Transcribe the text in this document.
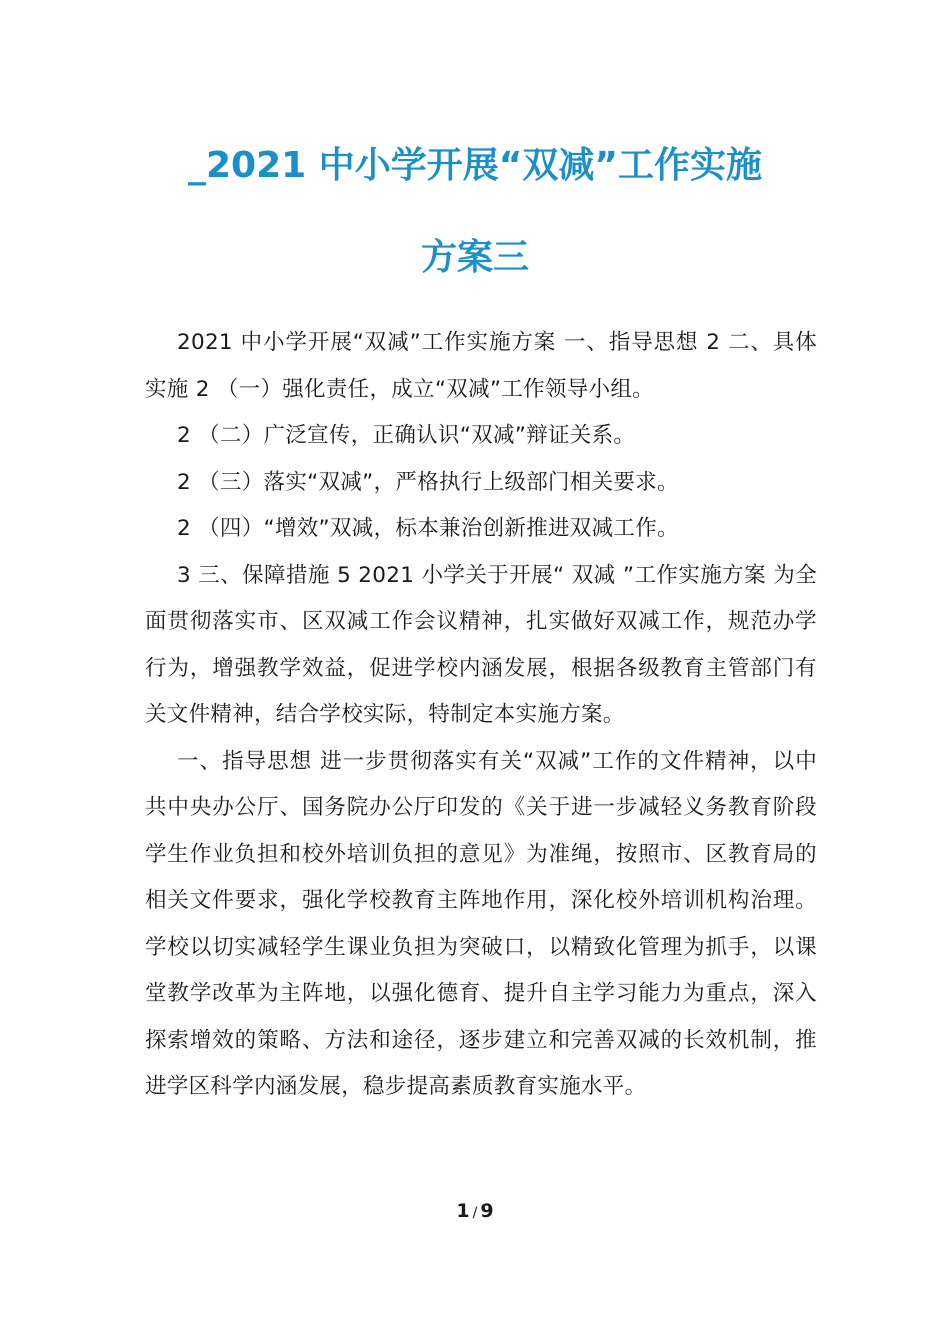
_2021 中小学开展“双减”工作实施
方案三

2021 中小学开展“双减”工作实施方案 一、指导思想 2 二、具体实施 2 （一）强化责任，成立“双减”工作领导小组。

2 （二）广泛宣传，正确认识“双减”辩证关系。

2 （三）落实“双减”，严格执行上级部门相关要求。

2 （四）“增效”双减，标本兼治创新推进双减工作。

3 三、保障措施 5 2021 小学关于开展“ 双减 ”工作实施方案 为全面贯彻落实市、区双减工作会议精神，扎实做好双减工作，规范办学行为，增强教学效益，促进学校内涵发展，根据各级教育主管部门有关文件精神，结合学校实际，特制定本实施方案。

一、指导思想 进一步贯彻落实有关“双减”工作的文件精神，以中共中央办公厅、国务院办公厅印发的《关于进一步减轻义务教育阶段学生作业负担和校外培训负担的意见》为准绳，按照市、区教育局的相关文件要求，强化学校教育主阵地作用，深化校外培训机构治理。学校以切实减轻学生课业负担为突破口，以精致化管理为抓手，以课堂教学改革为主阵地，以强化德育、提升自主学习能力为重点，深入探索增效的策略、方法和途径，逐步建立和完善双减的长效机制，推进学区科学内涵发展，稳步提高素质教育实施水平。

1 / 9
